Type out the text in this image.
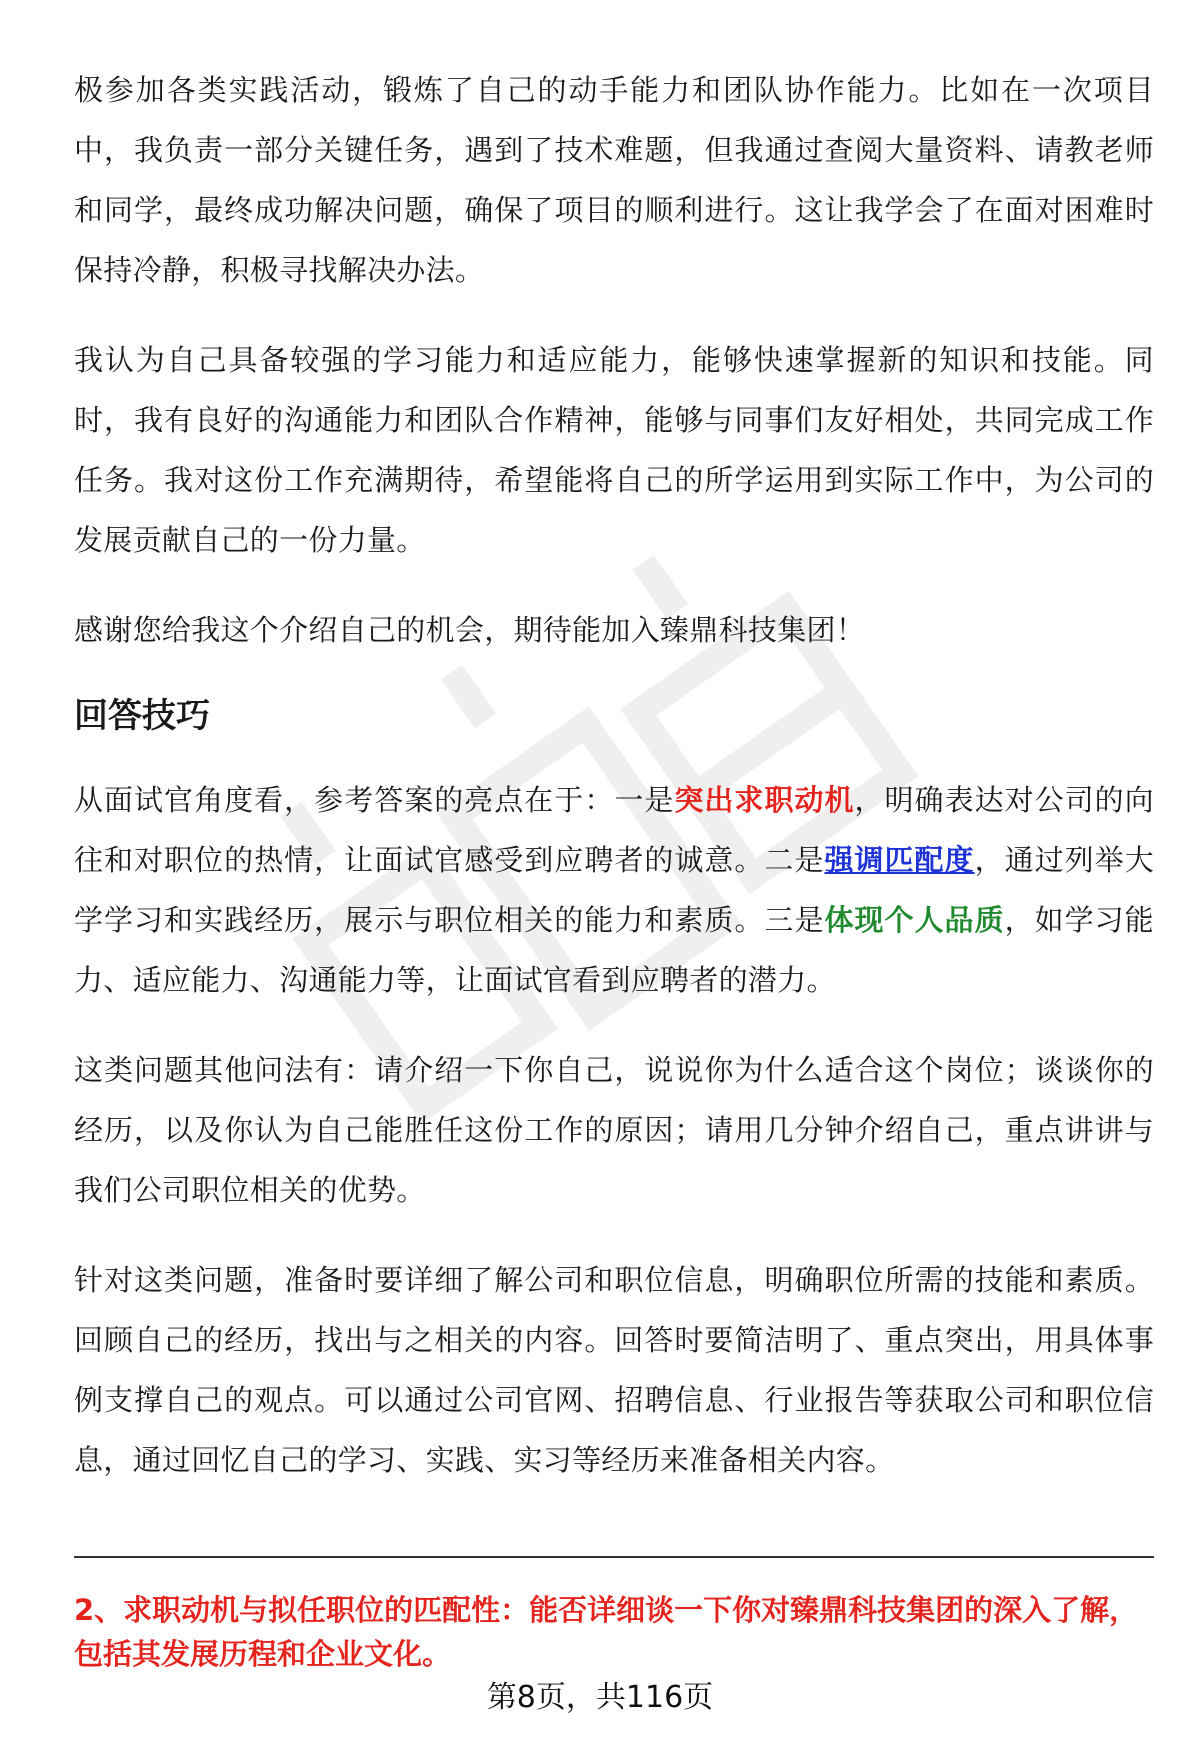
极参加各类实践活动，锻炼了自己的动手能力和团队协作能力。比如在一次项目中，我负责一部分关键任务，遇到了技术难题，但我通过查阅大量资料、请教老师和同学，最终成功解决问题，确保了项目的顺利进行。这让我学会了在面对困难时保持冷静，积极寻找解决办法。

我认为自己具备较强的学习能力和适应能力，能够快速掌握新的知识和技能。同时，我有良好的沟通能力和团队合作精神，能够与同事们友好相处，共同完成工作任务。我对这份工作充满期待，希望能将自己的所学运用到实际工作中，为公司的发展贡献自己的一份力量。

感谢您给我这个介绍自己的机会，期待能加入臻鼎科技集团！

回答技巧

从面试官角度看，参考答案的亮点在于：一是突出求职动机，明确表达对公司的向往和对职位的热情，让面试官感受到应聘者的诚意。二是强调匹配度，通过列举大学学习和实践经历，展示与职位相关的能力和素质。三是体现个人品质，如学习能力、适应能力、沟通能力等，让面试官看到应聘者的潜力。

这类问题其他问法有：请介绍一下你自己，说说你为什么适合这个岗位；谈谈你的经历，以及你认为自己能胜任这份工作的原因；请用几分钟介绍自己，重点讲讲与我们公司职位相关的优势。

针对这类问题，准备时要详细了解公司和职位信息，明确职位所需的技能和素质。回顾自己的经历，找出与之相关的内容。回答时要简洁明了、重点突出，用具体事例支撑自己的观点。可以通过公司官网、招聘信息、行业报告等获取公司和职位信息，通过回忆自己的学习、实践、实习等经历来准备相关内容。

2、求职动机与拟任职位的匹配性：能否详细谈一下你对臻鼎科技集团的深入了解，包括其发展历程和企业文化。

第8页，共116页
